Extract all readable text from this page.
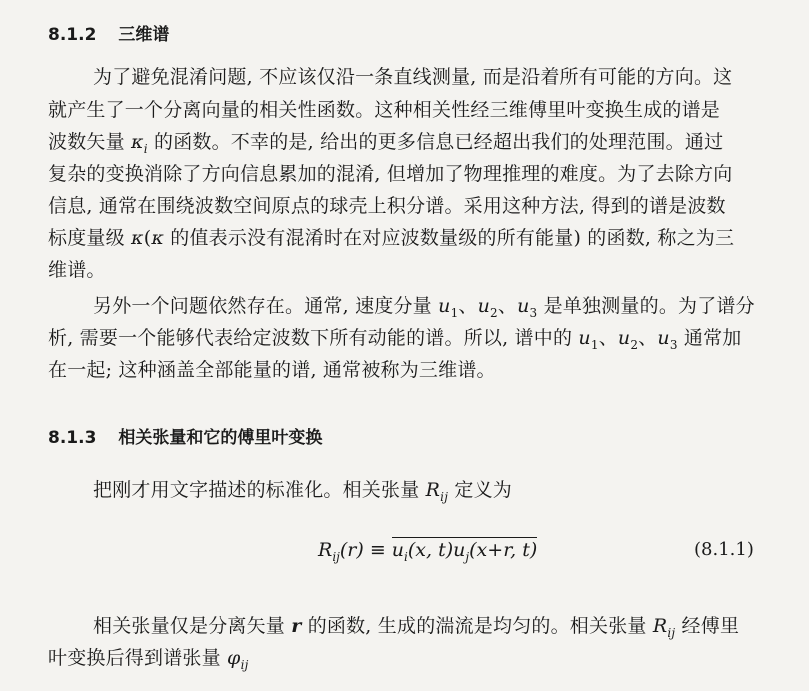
8.1.2 三维谱
为了避免混淆问题, 不应该仅沿一条直线测量, 而是沿着所有可能的方向。这
就产生了一个分离向量的相关性函数。这种相关性经三维傅里叶变换生成的谱是
波数矢量 $\kappa_i$ 的函数。不幸的是, 给出的更多信息已经超出我们的处理范围。通过
复杂的变换消除了方向信息累加的混淆, 但增加了物理推理的难度。为了去除方向
信息, 通常在围绕波数空间原点的球壳上积分谱。采用这种方法, 得到的谱是波数
标度量级 κ(κ 的值表示没有混淆时在对应波数量级的所有能量) 的函数, 称之为三
维谱。
另外一个问题依然存在。通常, 速度分量 $u_1$、$u_2$、$u_3$ 是单独测量的。为了谱分
析, 需要一个能够代表给定波数下所有动能的谱。所以, 谱中的 $u_1$、$u_2$、$u_3$ 通常加
在一起; 这种涵盖全部能量的谱, 通常被称为三维谱。
8.1.3 相关张量和它的傅里叶变换
把刚才用文字描述的标准化。相关张量 $R_{ij}$ 定义为
$R_{ij}(r) \equiv u_i(x$, $t)u_j(x+r$, t)	(8.1.1)
相关张量仅是分离矢量 r 的函数, 生成的湍流是均匀的。相关张量 $R_{ij}$ 经傅里
叶变换后得到谱张量 $\varphi_{ij}$
